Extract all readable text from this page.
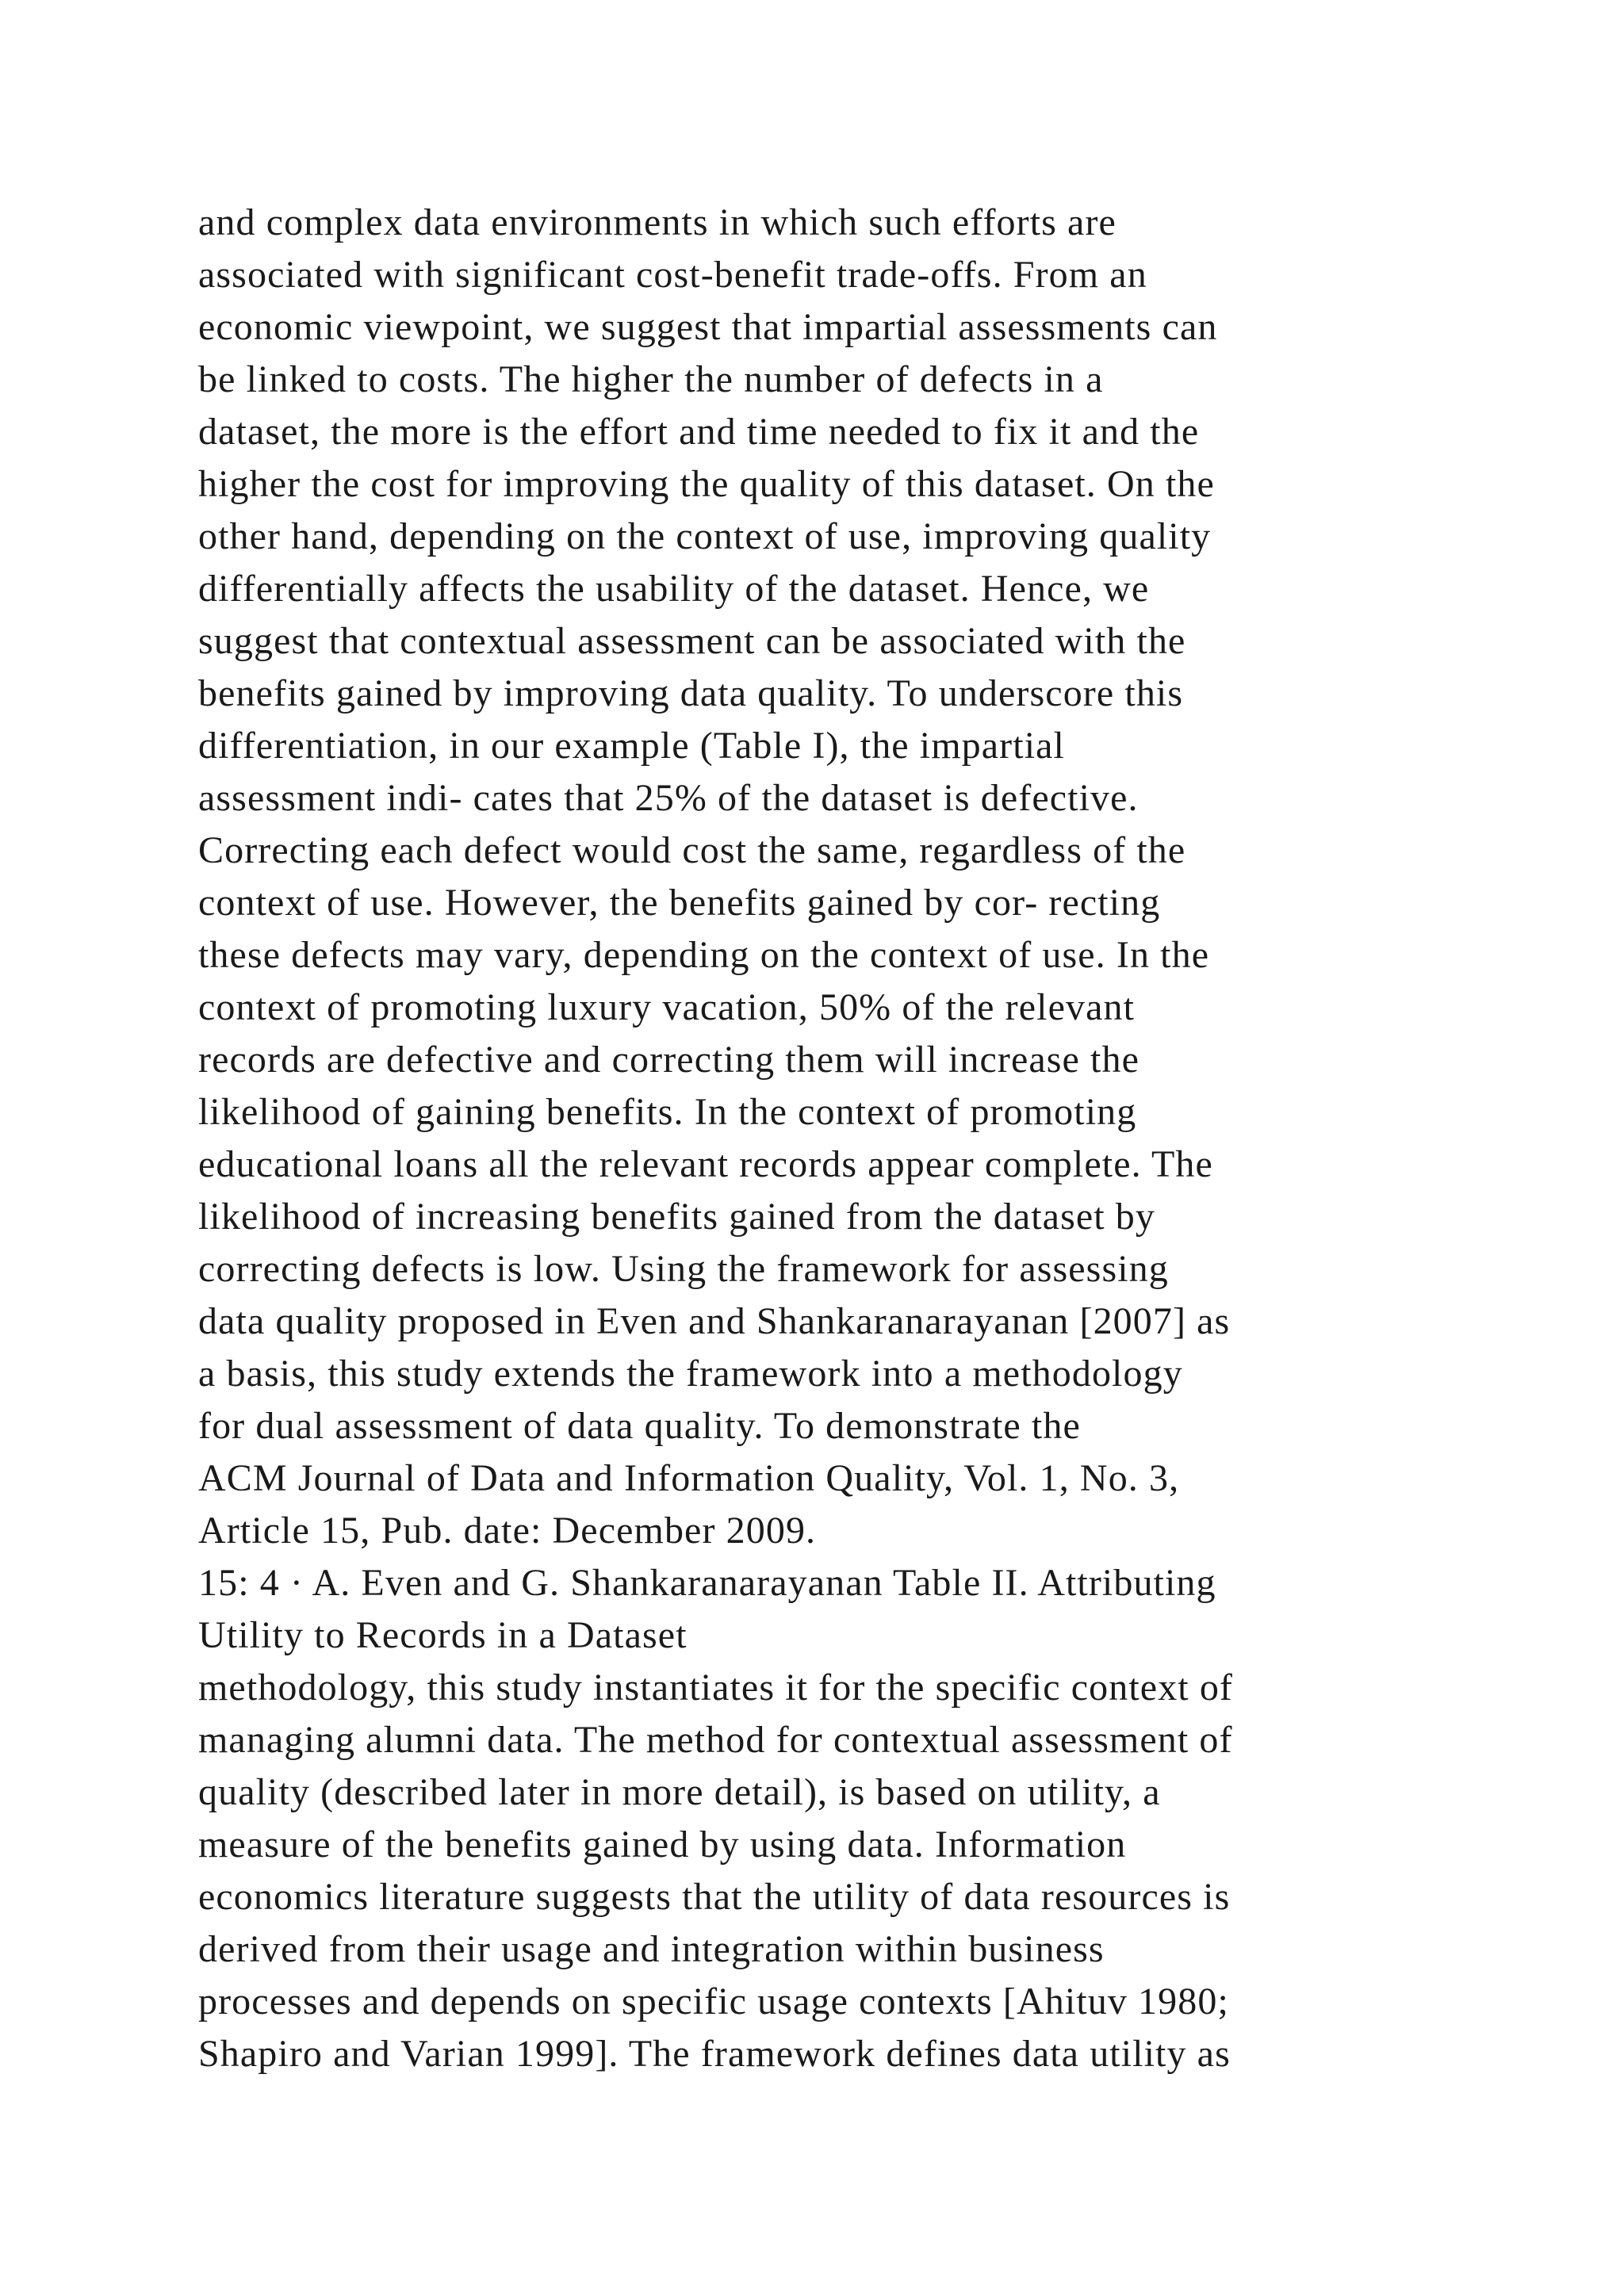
and complex data environments in which such efforts are
associated with significant cost-benefit trade-offs. From an
economic viewpoint, we suggest that impartial assessments can
be linked to costs. The higher the number of defects in a
dataset, the more is the effort and time needed to fix it and the
higher the cost for improving the quality of this dataset. On the
other hand, depending on the context of use, improving quality
differentially affects the usability of the dataset. Hence, we
suggest that contextual assessment can be associated with the
benefits gained by improving data quality. To underscore this
differentiation, in our example (Table I), the impartial
assessment indi- cates that 25% of the dataset is defective.
Correcting each defect would cost the same, regardless of the
context of use. However, the benefits gained by cor- recting
these defects may vary, depending on the context of use. In the
context of promoting luxury vacation, 50% of the relevant
records are defective and correcting them will increase the
likelihood of gaining benefits. In the context of promoting
educational loans all the relevant records appear complete. The
likelihood of increasing benefits gained from the dataset by
correcting defects is low. Using the framework for assessing
data quality proposed in Even and Shankaranarayanan [2007] as
a basis, this study extends the framework into a methodology
for dual assessment of data quality. To demonstrate the
ACM Journal of Data and Information Quality, Vol. 1, No. 3,
Article 15, Pub. date: December 2009.
15: 4 · A. Even and G. Shankaranarayanan Table II. Attributing
Utility to Records in a Dataset
methodology, this study instantiates it for the specific context of
managing alumni data. The method for contextual assessment of
quality (described later in more detail), is based on utility, a
measure of the benefits gained by using data. Information
economics literature suggests that the utility of data resources is
derived from their usage and integration within business
processes and depends on specific usage contexts [Ahituv 1980;
Shapiro and Varian 1999]. The framework defines data utility as
